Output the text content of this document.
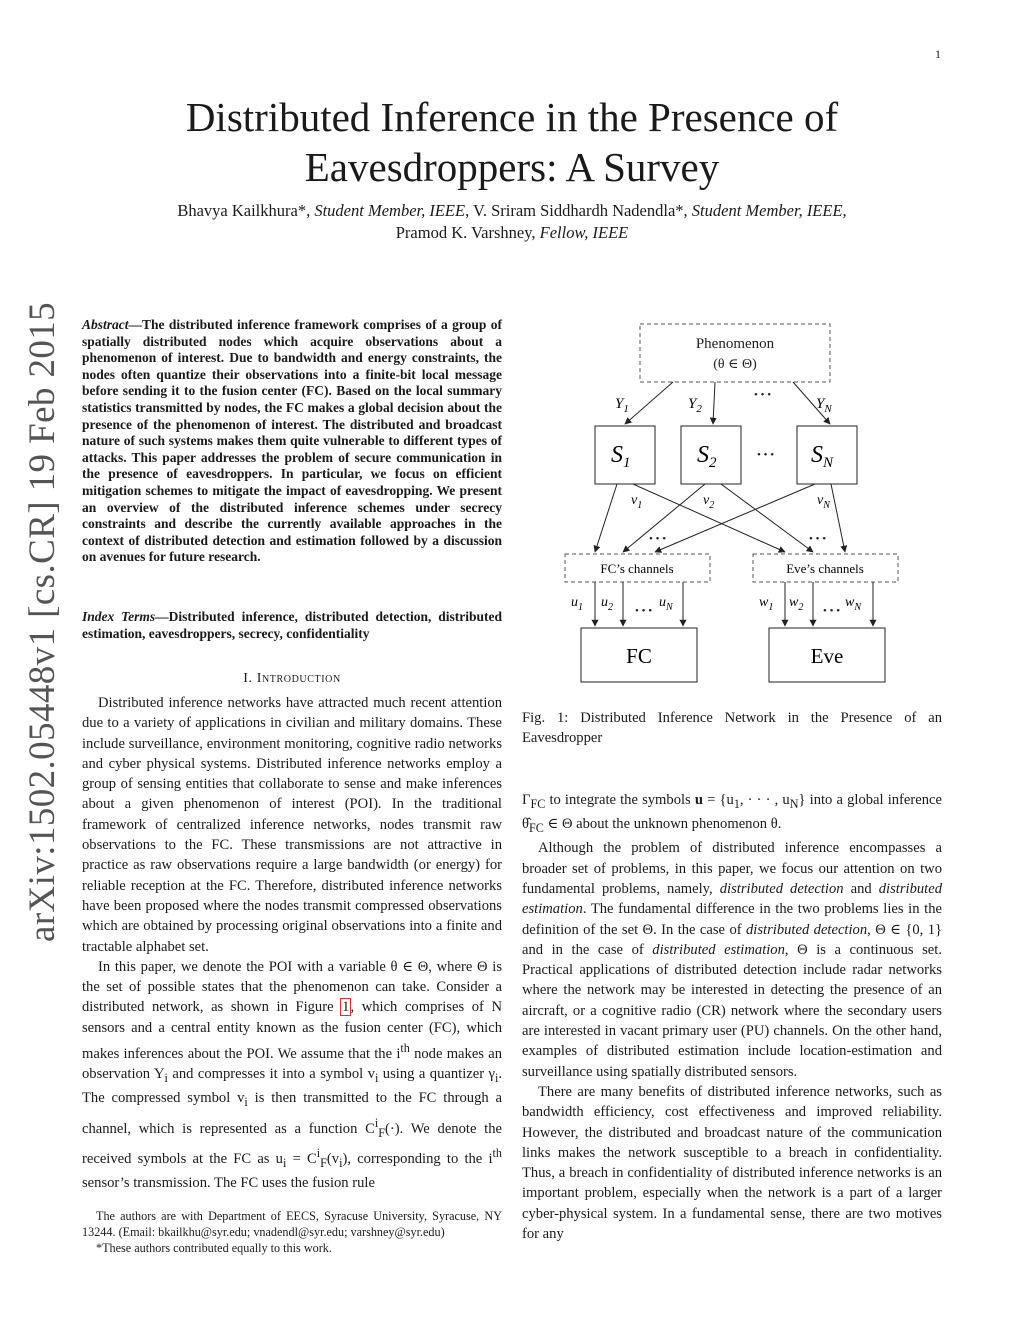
1
Distributed Inference in the Presence of
Eavesdroppers: A Survey
Bhavya Kailkhura*, Student Member, IEEE, V. Sriram Siddhardh Nadendla*, Student Member, IEEE,
Pramod K. Varshney, Fellow, IEEE
arXiv:1502.05448v1 [cs.CR] 19 Feb 2015 Abstract—The distributed inference framework comprises of a group of spatially distributed nodes which acquire observations about a phenomenon of interest. Due to bandwidth and energy constraints, the nodes often quantize their observations into a finite-bit local message before sending it to the fusion center (FC). Based on the local summary statistics transmitted by nodes, the FC makes a global decision about the presence of the phenomenon of interest. The distributed and broadcast nature of such systems makes them quite vulnerable to different types of attacks. This paper addresses the problem of secure communication in the presence of eavesdroppers. In particular, we focus on efficient mitigation schemes to mitigate the impact of eavesdropping. We present an overview of the distributed inference schemes under secrecy constraints and describe the currently available approaches in the context of distributed detection and estimation followed by a discussion on avenues for future research.
Index Terms—Distributed inference, distributed detection, distributed estimation, eavesdroppers, secrecy, confidentiality
I. Introduction

Distributed inference networks have attracted much recent attention due to a variety of applications in civilian and military domains. These include surveillance, environment monitoring, cognitive radio networks and cyber physical systems. Distributed inference networks employ a group of sensing entities that collaborate to sense and make inferences about a given phenomenon of interest (POI). In the traditional framework of centralized inference networks, nodes transmit raw observations to the FC. These transmissions are not attractive in practice as raw observations require a large bandwidth (or energy) for reliable reception at the FC. Therefore, distributed inference networks have been proposed where the nodes transmit compressed observations which are obtained by processing original observations into a finite and tractable alphabet set.

In this paper, we denote the POI with a variable θ ∈ Θ, where Θ is the set of possible states that the phenomenon can take. Consider a distributed network, as shown in Figure 1, which comprises of N sensors and a central entity known as the fusion center (FC), which makes inferences about the POI. We assume that the $i^{th}$ node makes an observation $Y_i$ and compresses it into a symbol $v_i$ using a quantizer $\gamma_i$. The compressed symbol $v_i$ is then transmitted to the FC through a channel, which is represented as a function $C^i_F(\cdot)$. We denote the received symbols at the FC as $u_i = C^i_F(v_i)$, corresponding to the $i^{th}$ sensor’s transmission. The FC uses the fusion rule

The authors are with Department of EECS, Syracuse University, Syracuse, NY 13244. (Email: bkailkhu@syr.edu; vnadendl@syr.edu; varshney@syr.edu)

*These authors contributed equally to this work.

Phenomenon
(θ ∈ Θ)
$Y_1$	$Y_2$	$Y_N$
• • •
$S_1$	$S_2$	$S_N$
• • •
$v_1$	$v_2$	$v_N$
• • •	• • •
FC’s channels	Eve’s channels
$u_1$ $u_2$	$u_N$	$w_1$ $w_2$	$w_N$
• • •	• • •
FC	Eve
Fig. 1: Distributed Inference Network in the Presence of an Eavesdropper

$\Gamma_{FC}$ to integrate the symbols $u = \{u_1$, · · · , $u_N$} into a global inference $\thetâ_{FC}$ ∈ Θ about the unknown phenomenon θ.

Although the problem of distributed inference encompasses a broader set of problems, in this paper, we focus our attention on two fundamental problems, namely, distributed detection and distributed estimation. The fundamental difference in the two problems lies in the definition of the set Θ. In the case of distributed detection, Θ ∈ {0, 1} and in the case of distributed estimation, Θ is a continuous set. Practical applications of distributed detection include radar networks where the network may be interested in detecting the presence of an aircraft, or a cognitive radio (CR) network where the secondary users are interested in vacant primary user (PU) channels. On the other hand, examples of distributed estimation include location-estimation and surveillance using spatially distributed sensors.

There are many benefits of distributed inference networks, such as bandwidth efficiency, cost effectiveness and improved reliability. However, the distributed and broadcast nature of the communication links makes the network susceptible to a breach in confidentiality. Thus, a breach in confidentiality of distributed inference networks is an important problem, especially when the network is a part of a larger cyber-physical system. In a fundamental sense, there are two motives for any
